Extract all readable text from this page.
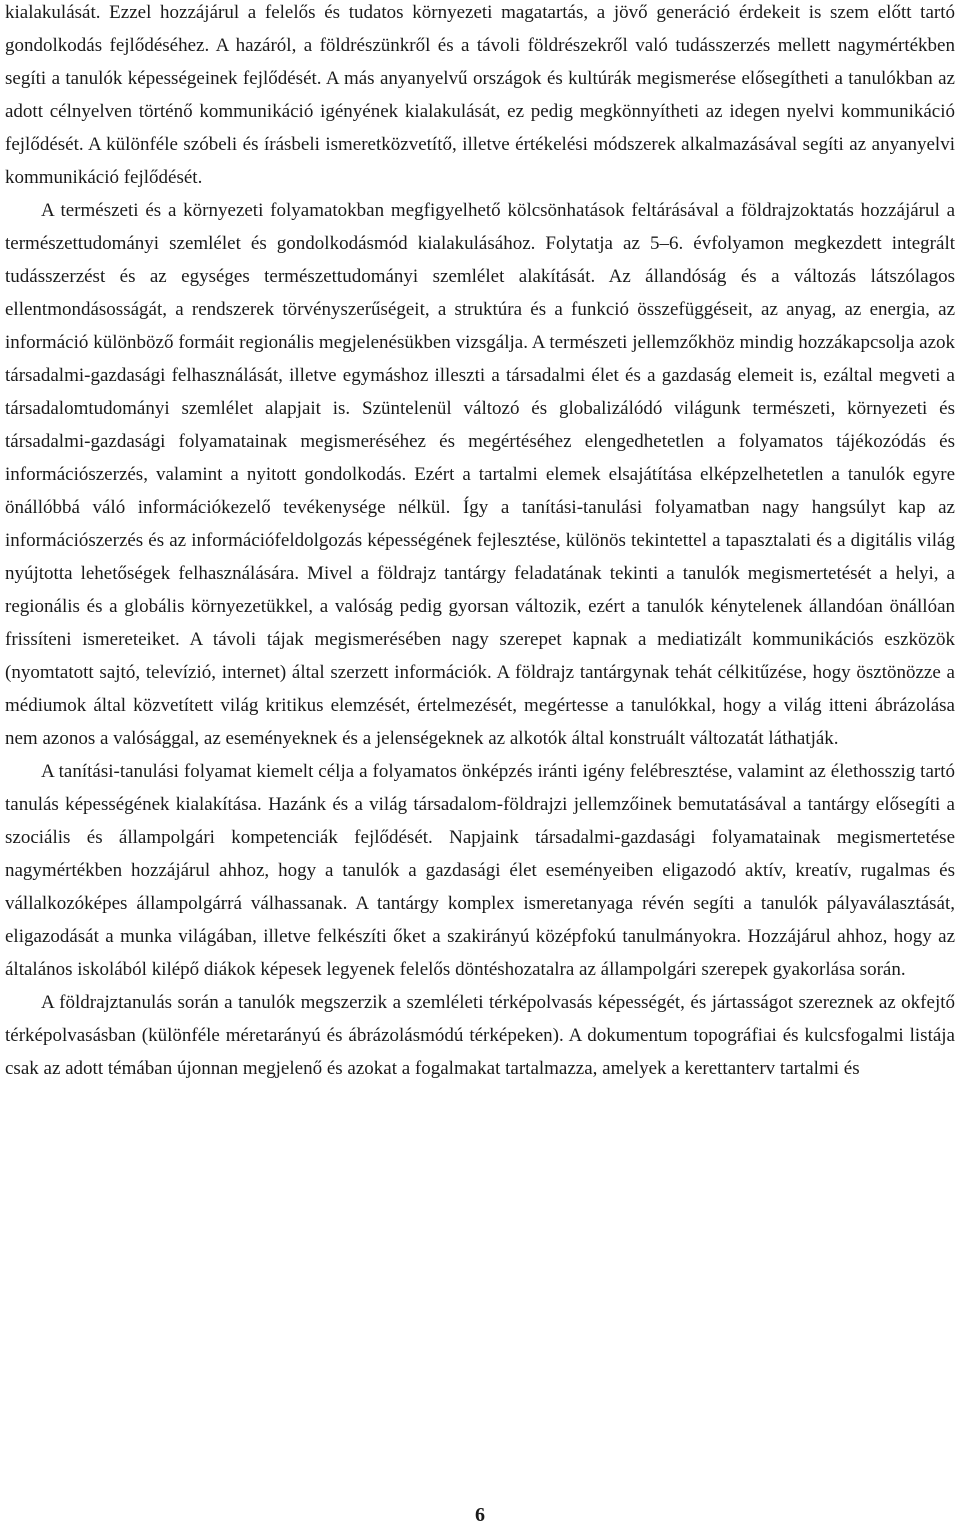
kialakulását. Ezzel hozzájárul a felelős és tudatos környezeti magatartás, a jövő generáció érdekeit is szem előtt tartó gondolkodás fejlődéséhez. A hazáról, a földrészünkről és a távoli földrészekről való tudásszerzés mellett nagymértékben segíti a tanulók képességeinek fejlődését. A más anyanyelvű országok és kultúrák megismerése elősegítheti a tanulókban az adott célnyelven történő kommunikáció igényének kialakulását, ez pedig megkönnyítheti az idegen nyelvi kommunikáció fejlődését. A különféle szóbeli és írásbeli ismeretközvetítő, illetve értékelési módszerek alkalmazásával segíti az anyanyelvi kommunikáció fejlődését.

A természeti és a környezeti folyamatokban megfigyelhető kölcsönhatások feltárásával a földrajzoktatás hozzájárul a természettudományi szemlélet és gondolkodásmód kialakulásához. Folytatja az 5–6. évfolyamon megkezdett integrált tudásszerzést és az egységes természettudományi szemlélet alakítását. Az állandóság és a változás látszólagos ellentmondásosságát, a rendszerek törvényszerűségeit, a struktúra és a funkció összefüggéseit, az anyag, az energia, az információ különböző formáit regionális megjelenésükben vizsgálja. A természeti jellemzőkhöz mindig hozzákapcsolja azok társadalmi-gazdasági felhasználását, illetve egymáshoz illeszti a társadalmi élet és a gazdaság elemeit is, ezáltal megveti a társadalomtudományi szemlélet alapjait is. Szüntelenül változó és globalizálódó világunk természeti, környezeti és társadalmi-gazdasági folyamatainak megismeréséhez és megértéséhez elengedhetetlen a folyamatos tájékozódás és információszerzés, valamint a nyitott gondolkodás. Ezért a tartalmi elemek elsajátítása elképzelhetetlen a tanulók egyre önállóbbá váló információkezelő tevékenysége nélkül. Így a tanítási-tanulási folyamatban nagy hangsúlyt kap az információszerzés és az információfeldolgozás képességének fejlesztése, különös tekintettel a tapasztalati és a digitális világ nyújtotta lehetőségek felhasználására. Mivel a földrajz tantárgy feladatának tekinti a tanulók megismertetését a helyi, a regionális és a globális környezetükkel, a valóság pedig gyorsan változik, ezért a tanulók kénytelenek állandóan önállóan frissíteni ismereteiket. A távoli tájak megismerésében nagy szerepet kapnak a mediatizált kommunikációs eszközök (nyomtatott sajtó, televízió, internet) által szerzett információk. A földrajz tantárgynak tehát célkitűzése, hogy ösztönözze a médiumok által közvetített világ kritikus elemzését, értelmezését, megértesse a tanulókkal, hogy a világ itteni ábrázolása nem azonos a valósággal, az eseményeknek és a jelenségeknek az alkotók által konstruált változatát láthatják.

A tanítási-tanulási folyamat kiemelt célja a folyamatos önképzés iránti igény felébresztése, valamint az élethosszig tartó tanulás képességének kialakítása. Hazánk és a világ társadalom-földrajzi jellemzőinek bemutatásával a tantárgy elősegíti a szociális és állampolgári kompetenciák fejlődését. Napjaink társadalmi-gazdasági folyamatainak megismertetése nagymértékben hozzájárul ahhoz, hogy a tanulók a gazdasági élet eseményeiben eligazodó aktív, kreatív, rugalmas és vállalkozóképes állampolgárrá válhassanak. A tantárgy komplex ismeretanyaga révén segíti a tanulók pályaválasztását, eligazodását a munka világában, illetve felkészíti őket a szakirányú középfokú tanulmányokra. Hozzájárul ahhoz, hogy az általános iskolából kilépő diákok képesek legyenek felelős döntéshozatalra az állampolgári szerepek gyakorlása során.

A földrajztanulás során a tanulók megszerzik a szemléleti térképolvasás képességét, és jártasságot szereznek az okfejtő térképolvasásban (különféle méretarányú és ábrázolásmódú térképeken). A dokumentum topográfiai és kulcsfogalmi listája csak az adott témában újonnan megjelenő és azokat a fogalmakat tartalmazza, amelyek a kerettanterv tartalmi és

6
